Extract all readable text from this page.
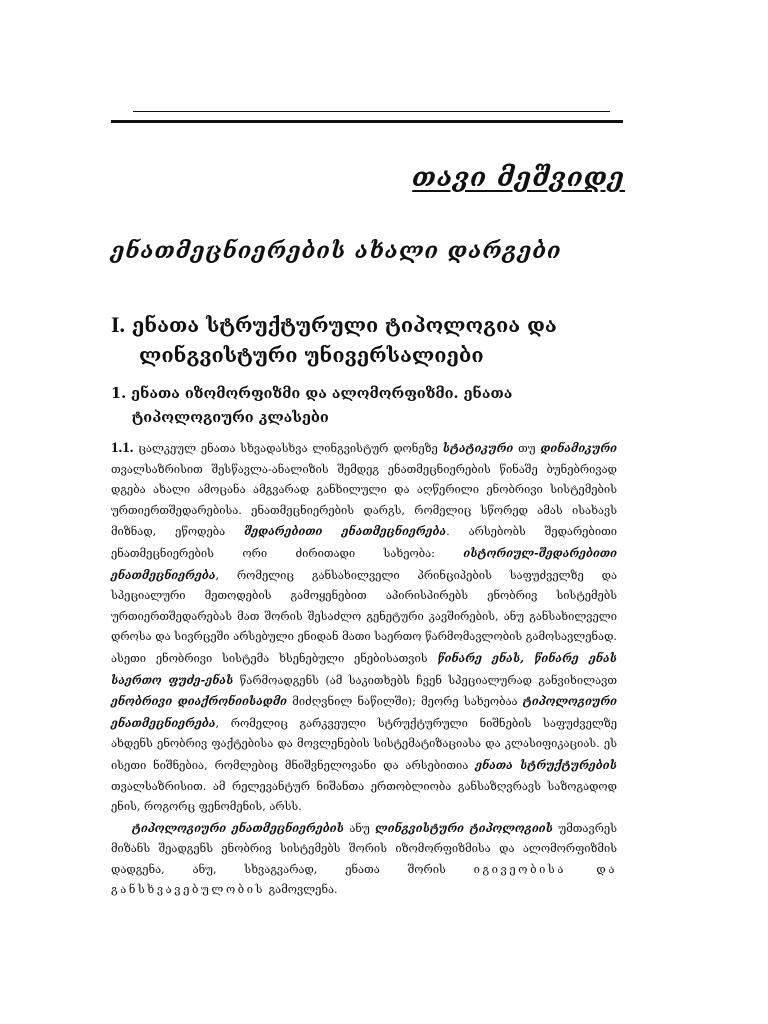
თავი მეშვიდე
ენათმეცნიერების ახალი დარგები
I. ენათა სტრუქტურული ტიპოლოგია და
ლინგვისტური უნივერსალიები
1. ენათა იზომორფიზმი და ალომორფიზმი. ენათა
ტიპოლოგიური კლასები

1.1. ცალკეულ ენათა სხვადასხვა ლინგვისტურ დონეზე სტატიკური თუ დინამიკური თვალსაზრისით შესწავლა-ანალიზის შემდეგ ენათმეცნიერების წინაშე ბუნებრივად დგება ახალი ამოცანა ამგვარად განხილული და აღწერილი ენობრივი სისტემების ურთიერთშედარებისა. ენათმეცნიერების დარგს, რომელიც სწორედ ამას ისახავს მიზნად, ეწოდება შედარებითი ენათმეცნიერება. არსებობს შედარებითი ენათმეცნიერების ორი ძირითადი სახეობა: ისტორიულ-შედარებითი ენათმეცნიერება, რომელიც განსახილველი პრინციპების საფუძველზე და სპეციალური მეთოდების გამოყენებით აპირისპირებს ენობრივ სისტემებს ურთიერთშედარებას მათ შორის შესაძლო გენეტური კავშირების, ანუ განსახილველი დროსა და სივრცეში არსებული ენიდან მათი საერთო წარმომავლობის გამოსავლენად. ასეთი ენობრივი სისტემა ხსენებული ენებისათვის წინარე ენას, წინარე ენას საერთო ფუძე-ენას წარმოადგენს (ამ საკითხებს ჩვენ სპეციალურად განვიხილავთ ენობრივი დიაქრონიისადმი მიძღვნილ ნაწილში); მეორე სახეობაა ტიპოლოგიური ენათმეცნიერება, რომელიც გარკვეული სტრუქტურული ნიშნების საფუძველზე ახდენს ენობრივ ფაქტებისა და მოვლენების სისტემატიზაციასა და კლასიფიკაციას. ეს ისეთი ნიშნებია, რომლებიც მნიშვნელოვანი და არსებითია ენათა სტრუქტურების თვალსაზრისით. ამ რელევანტურ ნიშანთა ერთობლიობა განსაზღვრავს საზოგადოდ ენის, როგორც ფენომენის, არსს.

ტიპოლოგიური ენათმეცნიერების ანუ ლინგვისტური ტიპოლოგიის უმთავრეს მიზანს შეადგენს ენობრივ სისტემებს შორის იზომორფიზმისა და ალომორფიზმის დადგენა, ანუ, სხვაგვარად, ენათა შორის იგივეობისა და განსხვავებულობის გამოვლენა.
